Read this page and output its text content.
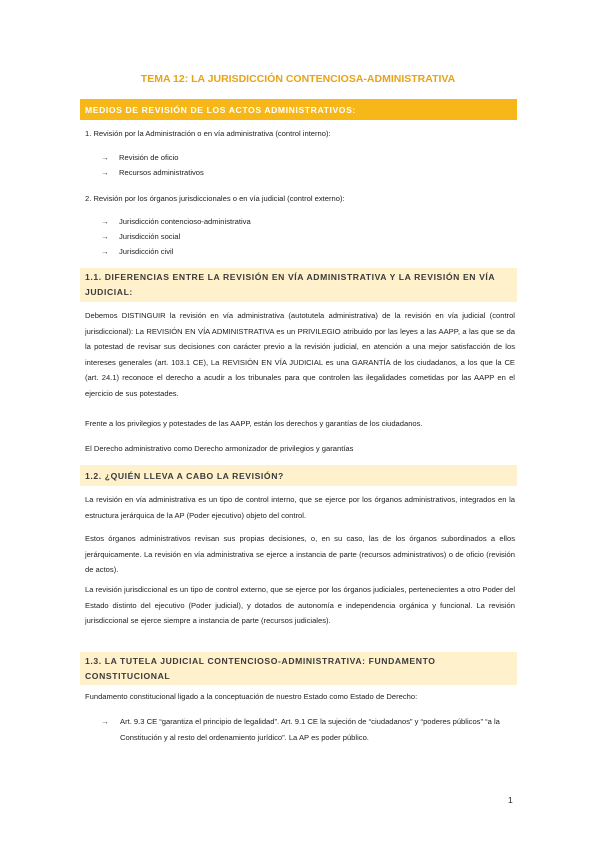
TEMA 12: LA JURISDICCIÓN CONTENCIOSA-ADMINISTRATIVA
MEDIOS DE REVISIÓN DE LOS ACTOS ADMINISTRATIVOS:
1. Revisión por la Administración o en vía administrativa (control interno):
→ Revisión de oficio
→ Recursos administrativos
2. Revisión por los órganos jurisdiccionales o en vía judicial (control externo):
→ Jurisdicción contencioso-administrativa
→ Jurisdicción social
→ Jurisdicción civil
1.1. DIFERENCIAS ENTRE LA REVISIÓN EN VÍA ADMINISTRATIVA Y LA REVISIÓN EN VÍA JUDICIAL:
Debemos DISTINGUIR la revisión en vía administrativa (autotutela administrativa) de la revisión en vía judicial (control jurisdiccional): La REVISIÓN EN VÍA ADMINISTRATIVA es un PRIVILEGIO atribuido por las leyes a las AAPP, a las que se da la potestad de revisar sus decisiones con carácter previo a la revisión judicial, en atención a una mejor satisfacción de los intereses generales (art. 103.1 CE), La REVISIÓN EN VÍA JUDICIAL es una GARANTÍA de los ciudadanos, a los que la CE (art. 24.1) reconoce el derecho a acudir a los tribunales para que controlen las ilegalidades cometidas por las AAPP en el ejercicio de sus potestades.
Frente a los privilegios y potestades de las AAPP, están los derechos y garantías de los ciudadanos.
El Derecho administrativo como Derecho armonizador de privilegios y garantías
1.2. ¿QUIÉN LLEVA A CABO LA REVISIÓN?
La revisión en vía administrativa es un tipo de control interno, que se ejerce por los órganos administrativos, integrados en la estructura jerárquica de la AP (Poder ejecutivo) objeto del control.
Estos órganos administrativos revisan sus propias decisiones, o, en su caso, las de los órganos subordinados a ellos jerárquicamente. La revisión en vía administrativa se ejerce a instancia de parte (recursos administrativos) o de oficio (revisión de actos).
La revisión jurisdiccional es un tipo de control externo, que se ejerce por los órganos judiciales, pertenecientes a otro Poder del Estado distinto del ejecutivo (Poder judicial), y dotados de autonomía e independencia orgánica y funcional. La revisión jurisdiccional se ejerce siempre a instancia de parte (recursos judiciales).
1.3. LA TUTELA JUDICIAL CONTENCIOSO-ADMINISTRATIVA: FUNDAMENTO CONSTITUCIONAL
Fundamento constitucional ligado a la conceptuación de nuestro Estado como Estado de Derecho:
→ Art. 9.3 CE “garantiza el principio de legalidad”. Art. 9.1 CE la sujeción de “ciudadanos” y “poderes públicos” “a la Constitución y al resto del ordenamiento jurídico”. La AP es poder público.
1
